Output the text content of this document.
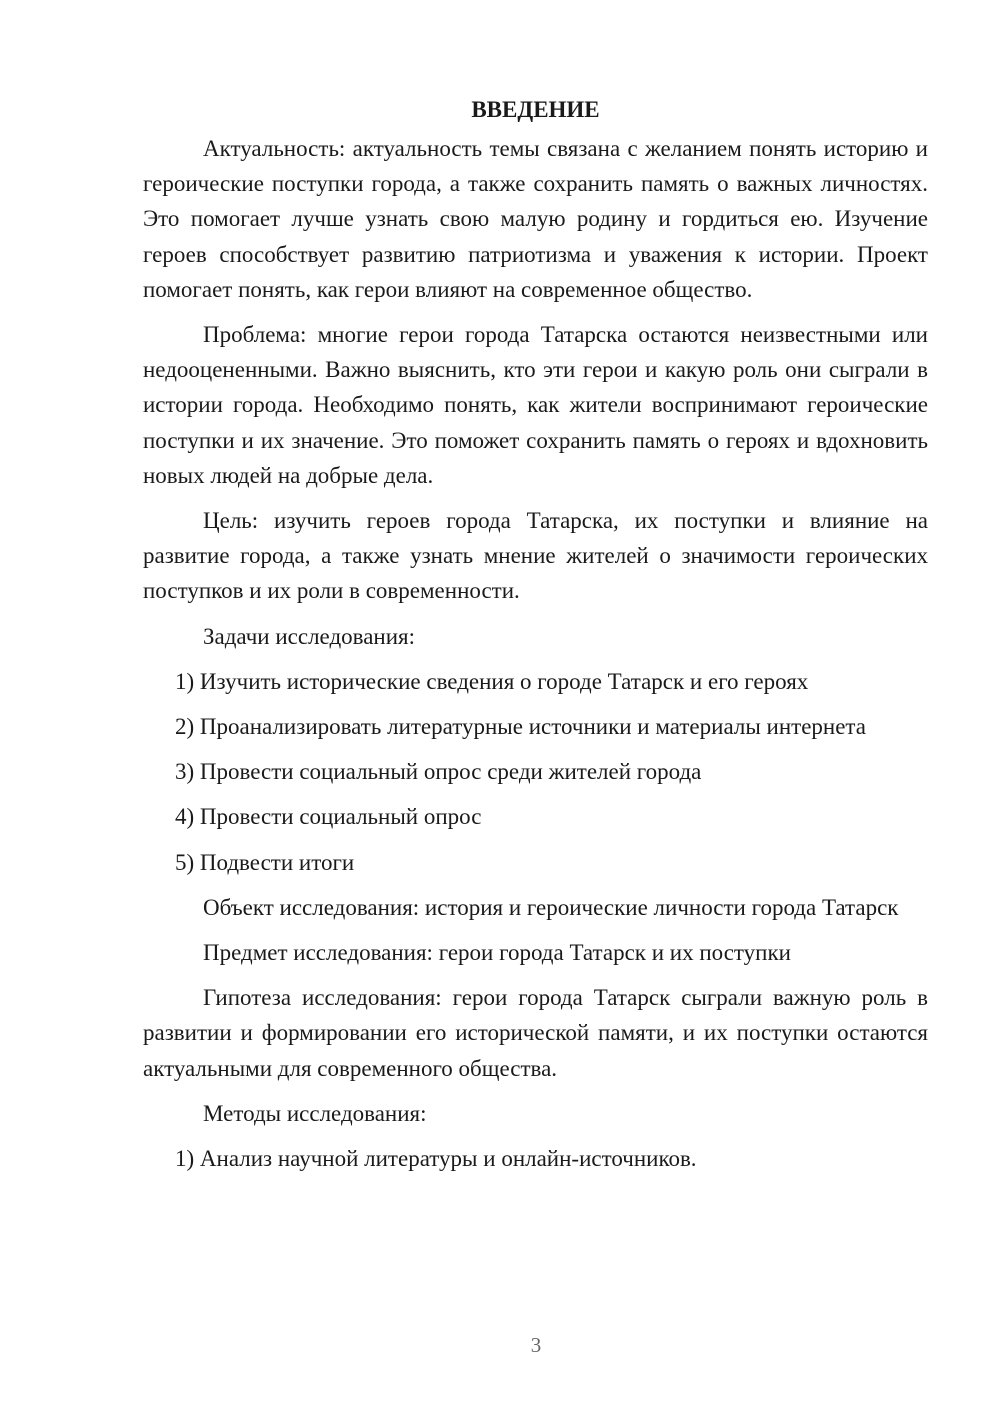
ВВЕДЕНИЕ

Актуальность: актуальность темы связана с желанием понять историю и героические поступки города, а также сохранить память о важных личностях. Это помогает лучше узнать свою малую родину и гордиться ею. Изучение героев способствует развитию патриотизма и уважения к истории. Проект помогает понять, как герои влияют на современное общество.

Проблема: многие герои города Татарска остаются неизвестными или недооцененными. Важно выяснить, кто эти герои и какую роль они сыграли в истории города. Необходимо понять, как жители воспринимают героические поступки и их значение. Это поможет сохранить память о героях и вдохновить новых людей на добрые дела.

Цель: изучить героев города Татарска, их поступки и влияние на развитие города, а также узнать мнение жителей о значимости героических поступков и их роли в современности.

Задачи исследования:

1) Изучить исторические сведения о городе Татарск и его героях

2) Проанализировать литературные источники и материалы интернета

3) Провести социальный опрос среди жителей города

4) Провести социальный опрос

5) Подвести итоги

Объект исследования: история и героические личности города Татарск

Предмет исследования: герои города Татарск и их поступки

Гипотеза исследования: герои города Татарск сыграли важную роль в развитии и формировании его исторической памяти, и их поступки остаются актуальными для современного общества.

Методы исследования:

1) Анализ научной литературы и онлайн-источников.

3
